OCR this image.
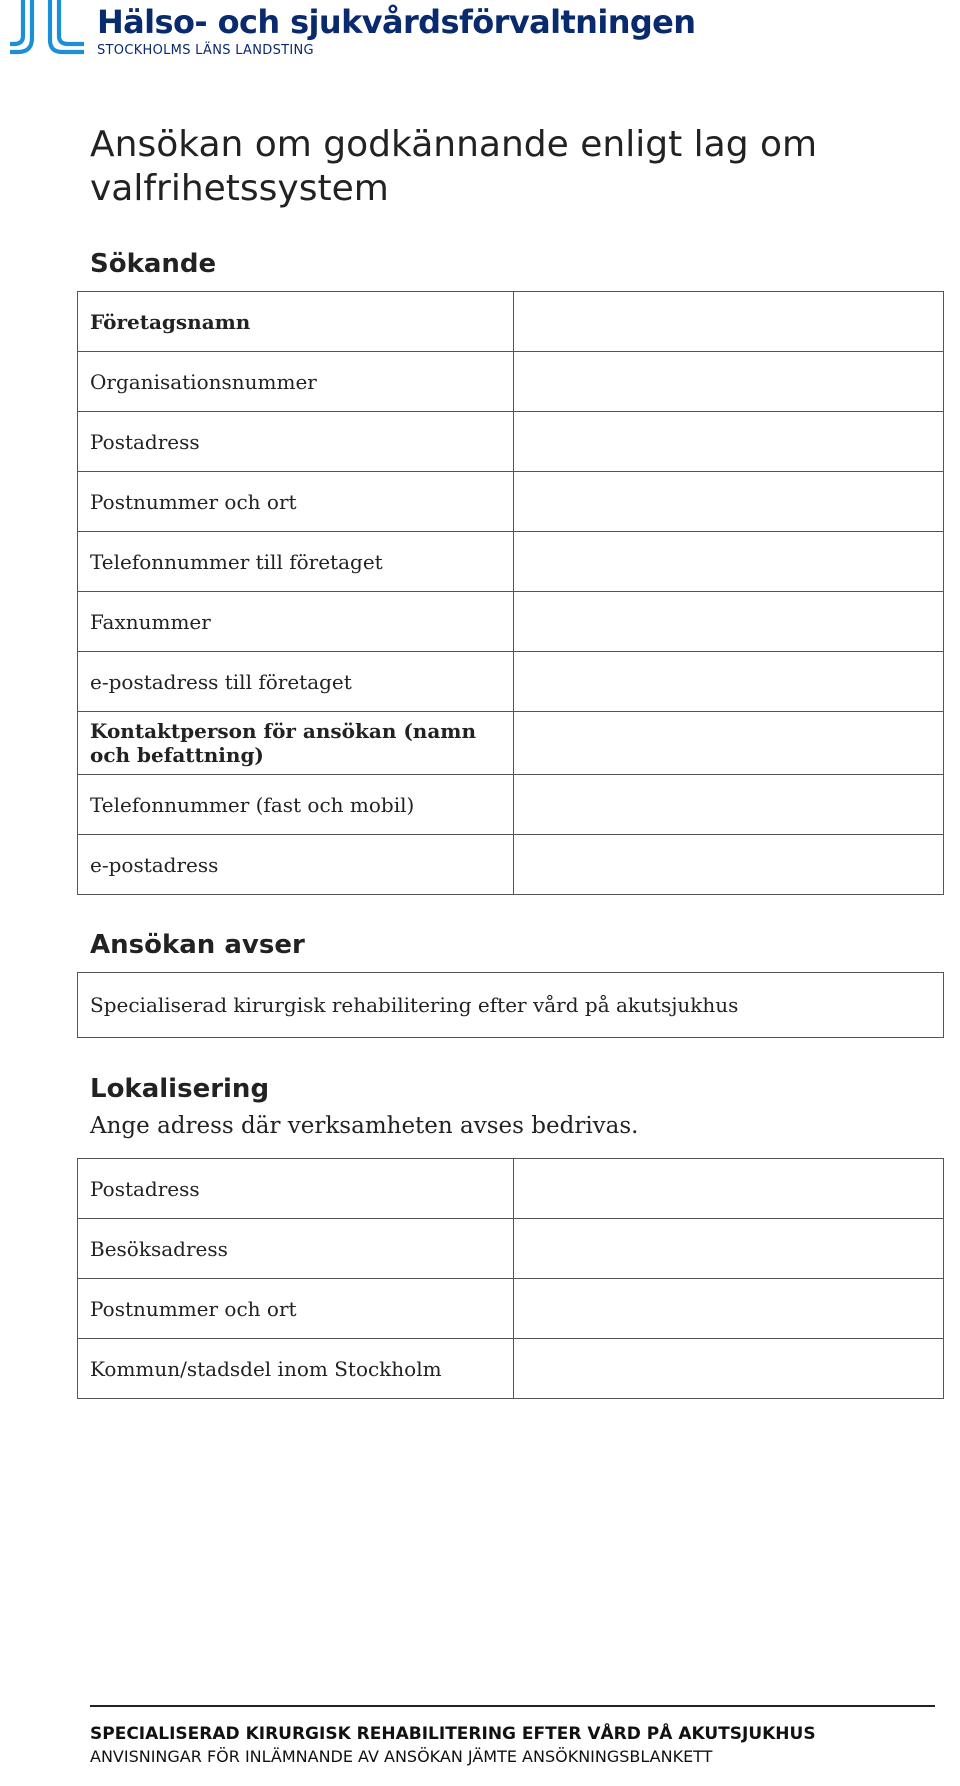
Hälso- och sjukvårdsförvaltningen
STOCKHOLMS LÄNS LANDSTING
Ansökan om godkännande enligt lag om valfrihetssystem
Sökande
Företagsnamn
Organisationsnummer
Postadress
Postnummer och ort
Telefonnummer till företaget
Faxnummer
e-postadress till företaget
Kontaktperson för ansökan (namn och befattning)
Telefonnummer (fast och mobil)
e-postadress
Ansökan avser
Specialiserad kirurgisk rehabilitering efter vård på akutsjukhus
Lokalisering

Ange adress där verksamheten avses bedrivas.

Postadress
Besöksadress
Postnummer och ort
Kommun/stadsdel inom Stockholm
SPECIALISERAD KIRURGISK REHABILITERING EFTER VÅRD PÅ AKUTSJUKHUS
ANVISNINGAR FÖR INLÄMNANDE AV ANSÖKAN JÄMTE ANSÖKNINGSBLANKETT
